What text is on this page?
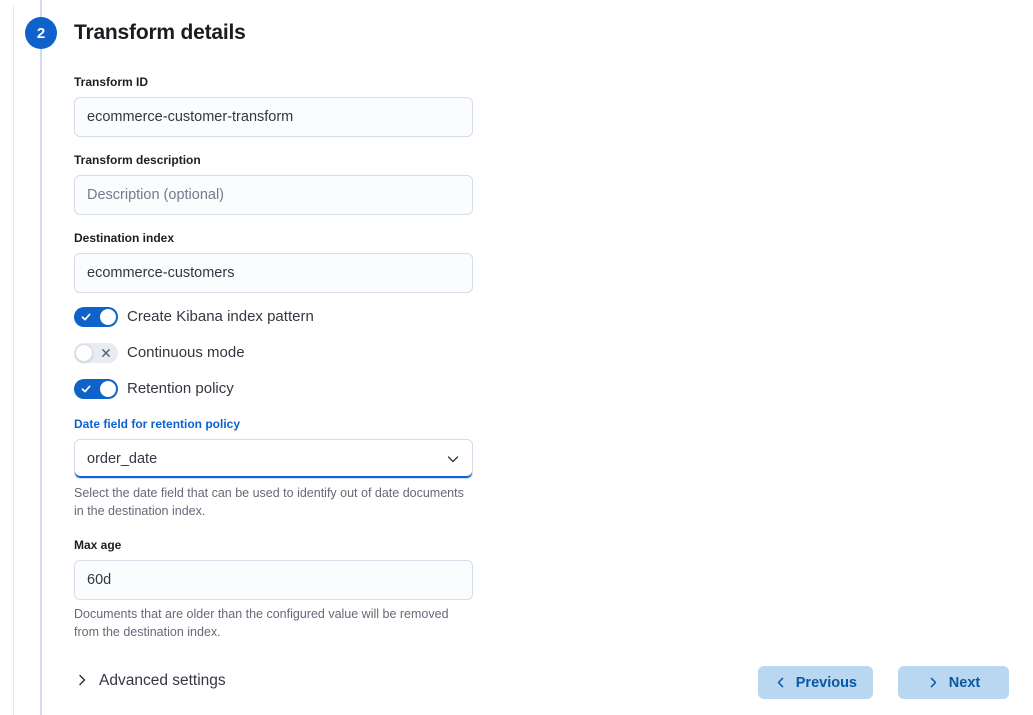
2 Transform details
Transform ID
ecommerce-customer-transform
Transform description
Description (optional)
Destination index
ecommerce-customers
Create Kibana index pattern
Continuous mode
Retention policy
Date field for retention policy
order_date
Select the date field that can be used to identify out of date documents in the destination index.
Max age
60d
Documents that are older than the configured value will be removed from the destination index.
Advanced settings	Previous	Next
